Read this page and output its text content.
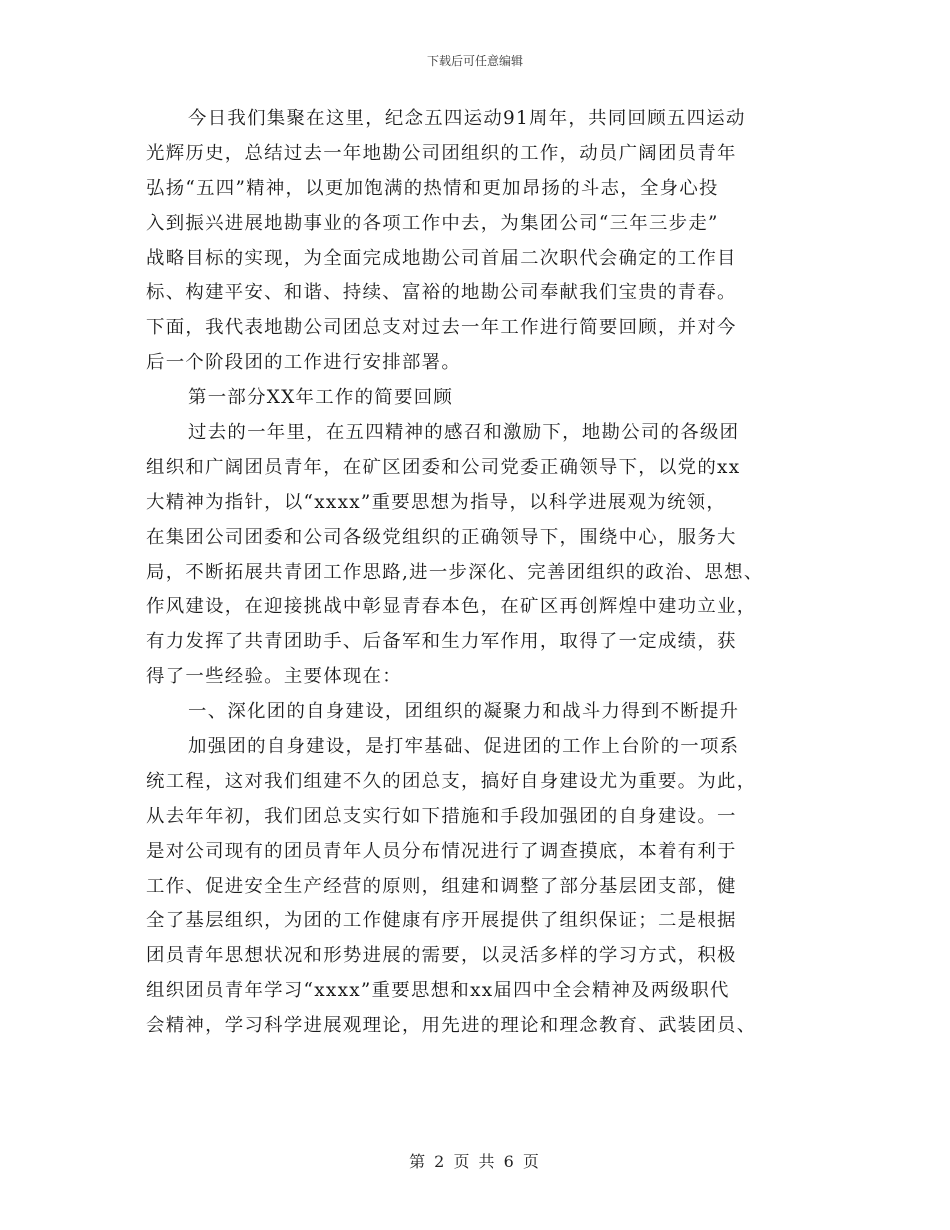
下载后可任意编辑
今日我们集聚在这里，纪念五四运动91周年，共同回顾五四运动
光辉历史，总结过去一年地勘公司团组织的工作，动员广阔团员青年
弘扬“五四”精神，以更加饱满的热情和更加昂扬的斗志，全身心投
入到振兴进展地勘事业的各项工作中去，为集团公司“三年三步走”
战略目标的实现，为全面完成地勘公司首届二次职代会确定的工作目
标、构建平安、和谐、持续、富裕的地勘公司奉献我们宝贵的青春。
下面，我代表地勘公司团总支对过去一年工作进行简要回顾，并对今
后一个阶段团的工作进行安排部署。
第一部分XX年工作的简要回顾
过去的一年里，在五四精神的感召和激励下，地勘公司的各级团
组织和广阔团员青年，在矿区团委和公司党委正确领导下，以党的xx
大精神为指针，以“xxxx”重要思想为指导，以科学进展观为统领，
在集团公司团委和公司各级党组织的正确领导下，围绕中心，服务大
局，不断拓展共青团工作思路,进一步深化、完善团组织的政治、思想、
作风建设，在迎接挑战中彰显青春本色，在矿区再创辉煌中建功立业，
有力发挥了共青团助手、后备军和生力军作用，取得了一定成绩，获
得了一些经验。主要体现在：
一、深化团的自身建设，团组织的凝聚力和战斗力得到不断提升
加强团的自身建设，是打牢基础、促进团的工作上台阶的一项系
统工程，这对我们组建不久的团总支，搞好自身建设尤为重要。为此，
从去年年初，我们团总支实行如下措施和手段加强团的自身建设。一
是对公司现有的团员青年人员分布情况进行了调查摸底，本着有利于
工作、促进安全生产经营的原则，组建和调整了部分基层团支部，健
全了基层组织，为团的工作健康有序开展提供了组织保证；二是根据
团员青年思想状况和形势进展的需要，以灵活多样的学习方式，积极
组织团员青年学习“xxxx”重要思想和xx届四中全会精神及两级职代
会精神，学习科学进展观理论，用先进的理论和理念教育、武装团员、
第 2 页 共 6 页
